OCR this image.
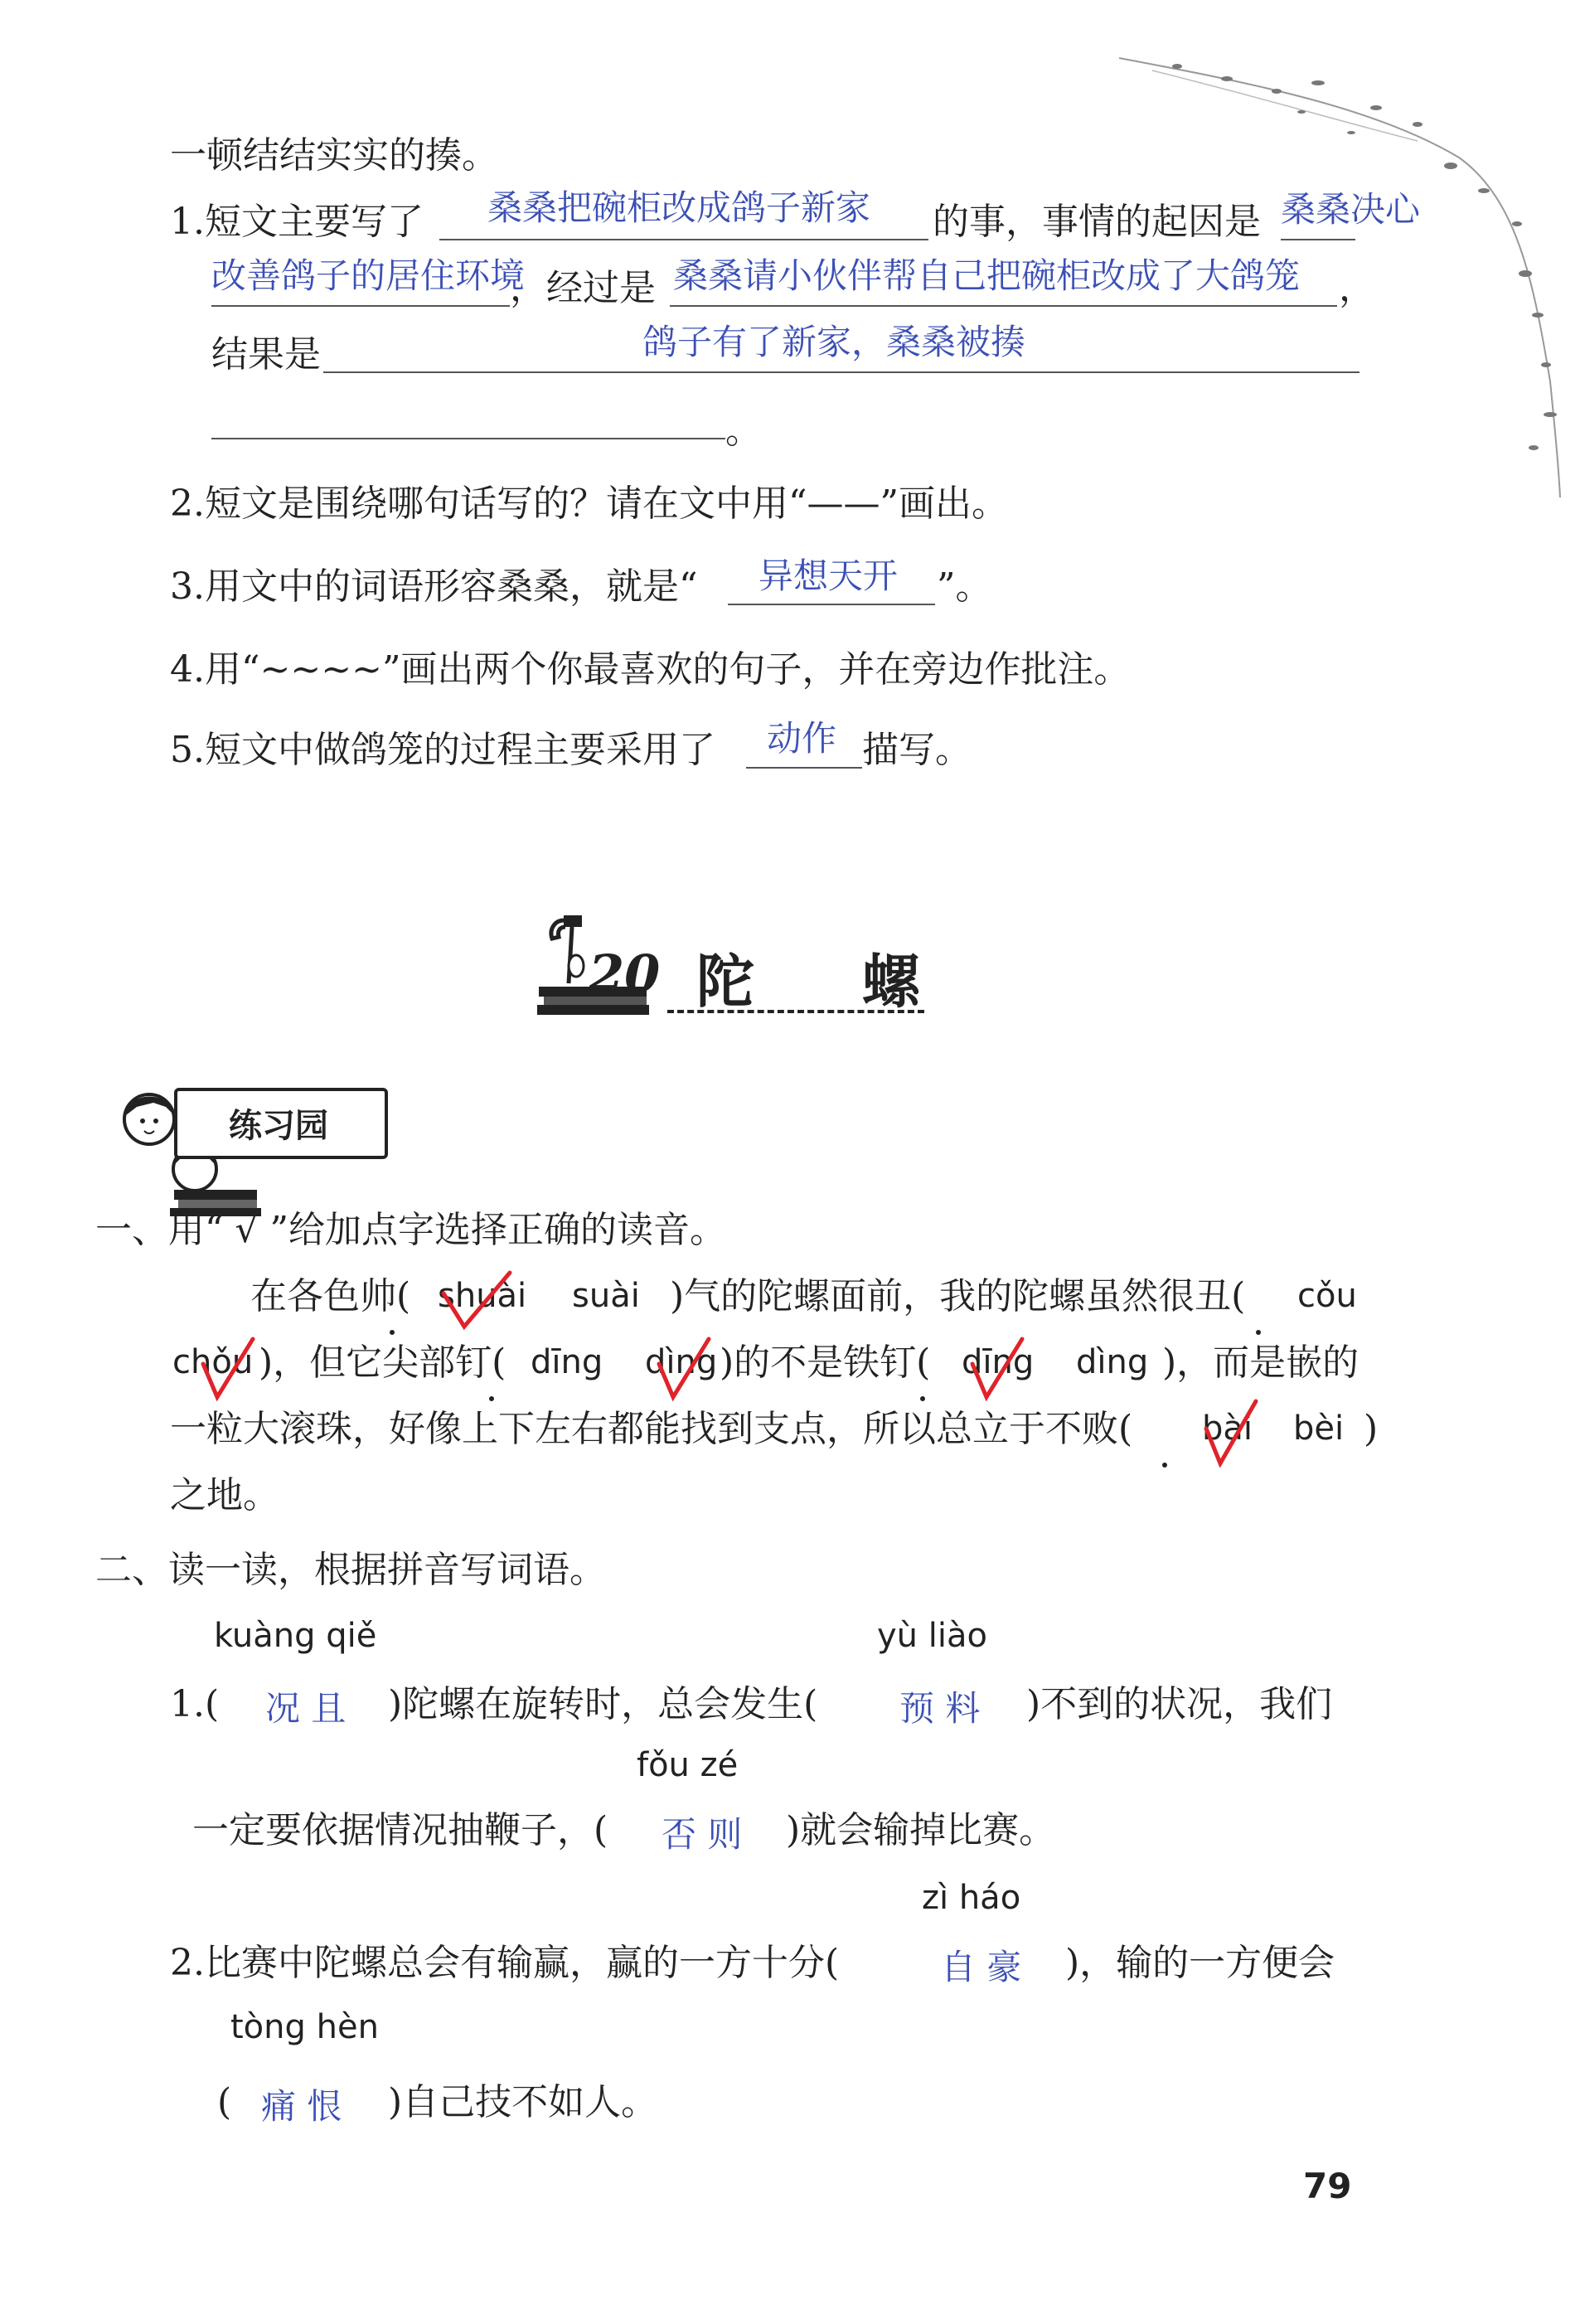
一顿结结实实的揍。
1.短文主要写了 桑桑把碗柜改成鸽子新家 的事，事情的起因是 桑桑决心
改善鸽子的居住环境
，经过是 桑桑请小伙伴帮自己把碗柜改成了大鸽笼 ，
结果是	鸽子有了新家，桑桑被揍
。
2.短文是围绕哪句话写的？请在文中用“——”画出。
3.用文中的词语形容桑桑，就是“ 异想天开 ”。
4.用“~~~~”画出两个你最喜欢的句子，并在旁边作批注。
5.短文中做鸽笼的过程主要采用了 动作 描写。
20 陀 螺
练习园
一、用“ √ ”给加点字选择正确的读音。
在各色帅( shuài suài )气的陀螺面前，我的陀螺虽然很丑( cǒu
chǒu )，但它尖部钉( dīng dìng )的不是铁钉( dīng dìng )，而是嵌的
一粒大滚珠，好像上下左右都能找到支点，所以总立于不败( bài bèi )
之地。
二、读一读，根据拼音写词语。
kuàng qiě	yù liào
1.( 况 且 )陀螺在旋转时，总会发生( 预 料 )不到的状况，我们
fǒu zé
一定要依据情况抽鞭子，( 否 则 )就会输掉比赛。
zì háo
2.比赛中陀螺总会有输赢，赢的一方十分(	自 豪 )，输的一方便会
tòng hèn
( 痛 恨 )自己技不如人。
79
